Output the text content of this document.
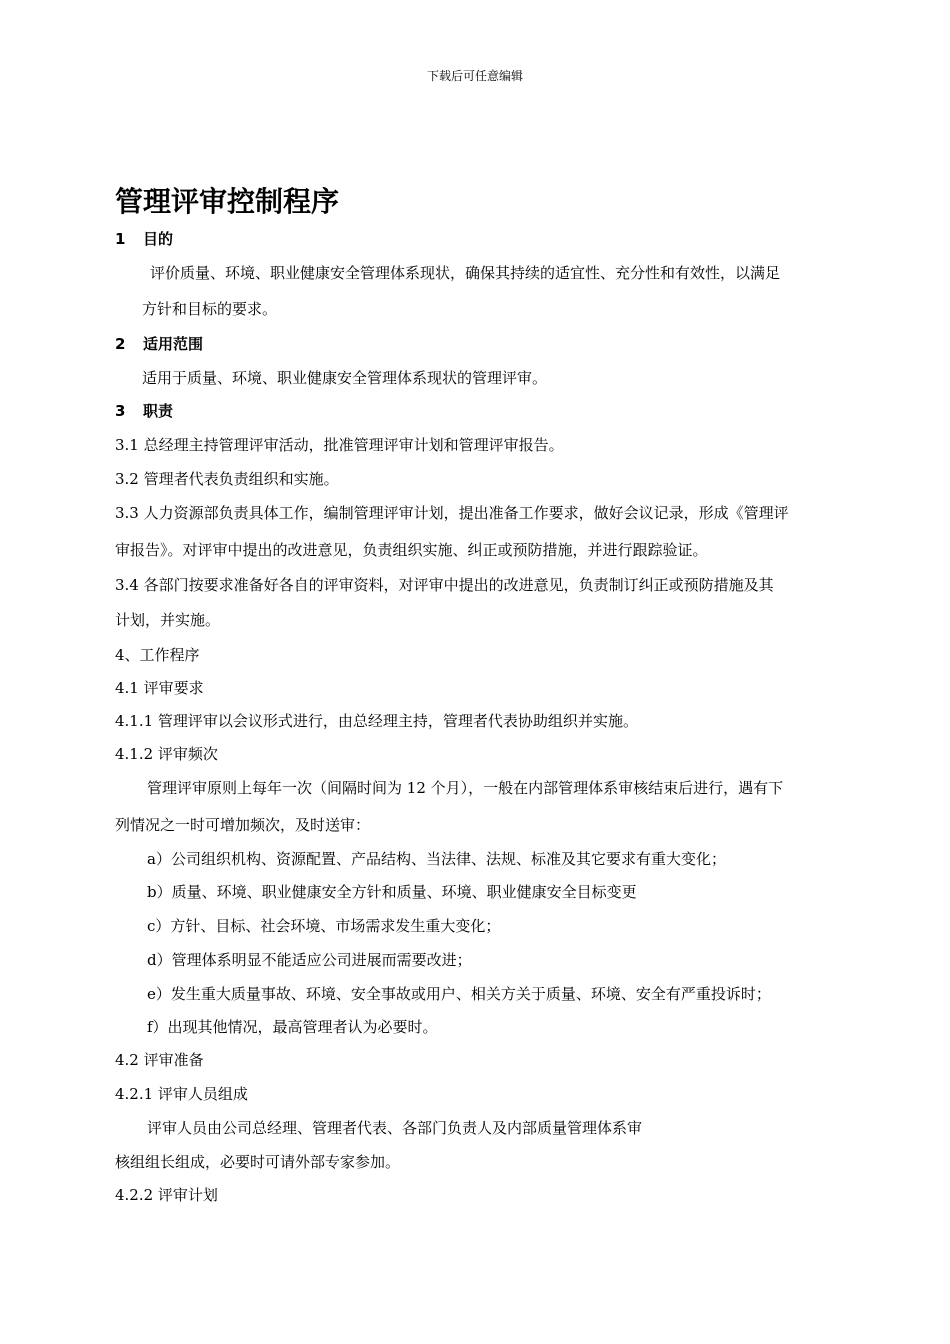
下载后可任意编辑
管理评审控制程序
1 目的
评价质量、环境、职业健康安全管理体系现状，确保其持续的适宜性、充分性和有效性，以满足
方针和目标的要求。
2 适用范围
适用于质量、环境、职业健康安全管理体系现状的管理评审。
3 职责
3.1 总经理主持管理评审活动，批准管理评审计划和管理评审报告。
3.2 管理者代表负责组织和实施。
3.3 人力资源部负责具体工作，编制管理评审计划，提出准备工作要求，做好会议记录，形成《管理评
审报告》。对评审中提出的改进意见，负责组织实施、纠正或预防措施，并进行跟踪验证。
3.4 各部门按要求准备好各自的评审资料，对评审中提出的改进意见，负责制订纠正或预防措施及其
计划，并实施。
4、工作程序
4.1 评审要求
4.1.1 管理评审以会议形式进行，由总经理主持，管理者代表协助组织并实施。
4.1.2 评审频次
管理评审原则上每年一次（间隔时间为 12 个月），一般在内部管理体系审核结束后进行，遇有下
列情况之一时可增加频次，及时送审：
a）公司组织机构、资源配置、产品结构、当法律、法规、标准及其它要求有重大变化；
b）质量、环境、职业健康安全方针和质量、环境、职业健康安全目标变更
c）方针、目标、社会环境、市场需求发生重大变化；
d）管理体系明显不能适应公司进展而需要改进；
e）发生重大质量事故、环境、安全事故或用户、相关方关于质量、环境、安全有严重投诉时；
f）出现其他情况，最高管理者认为必要时。
4.2 评审准备
4.2.1 评审人员组成
评审人员由公司总经理、管理者代表、各部门负责人及内部质量管理体系审
核组组长组成，必要时可请外部专家参加。
4.2.2 评审计划
